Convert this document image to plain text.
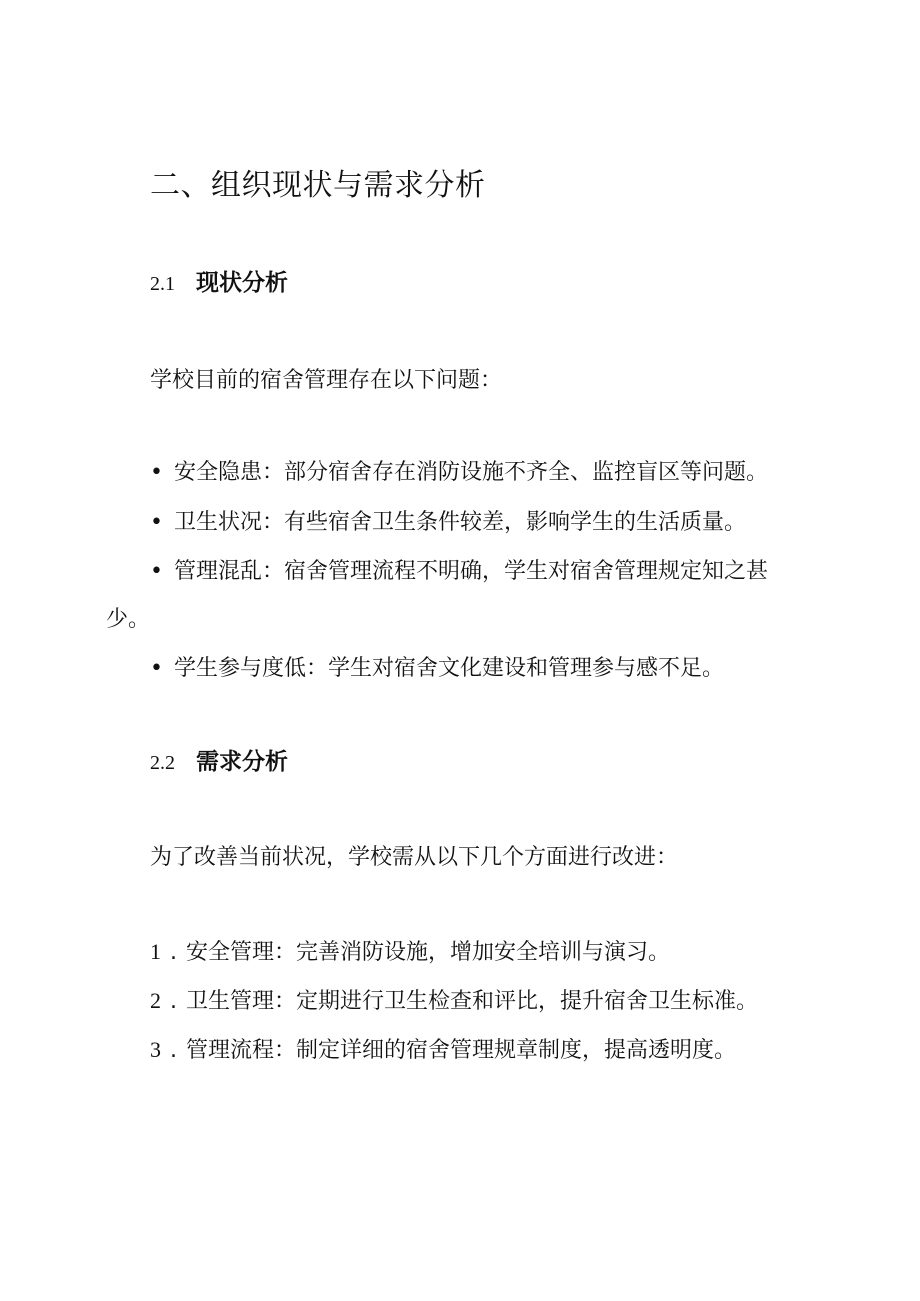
二、组织现状与需求分析
2.1 现状分析

学校目前的宿舍管理存在以下问题：

• 安全隐患：部分宿舍存在消防设施不齐全、监控盲区等问题。

• 卫生状况：有些宿舍卫生条件较差，影响学生的生活质量。

• 管理混乱：宿舍管理流程不明确，学生对宿舍管理规定知之甚

少。

• 学生参与度低：学生对宿舍文化建设和管理参与感不足。

2.2 需求分析

为了改善当前状况，学校需从以下几个方面进行改进：

1 . 安全管理：完善消防设施，增加安全培训与演习。

2 . 卫生管理：定期进行卫生检查和评比，提升宿舍卫生标准。

3 . 管理流程：制定详细的宿舍管理规章制度，提高透明度。
